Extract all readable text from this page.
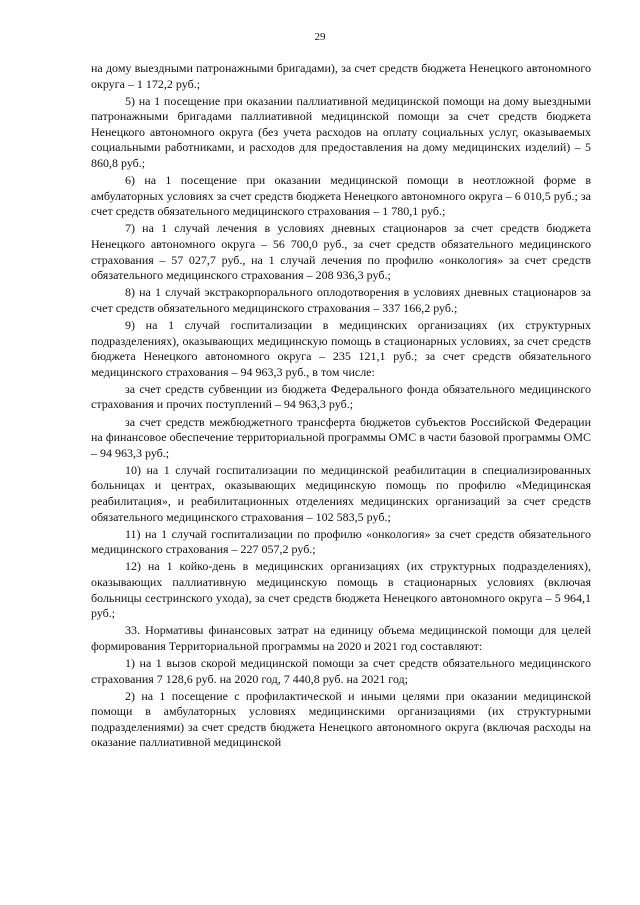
29

на дому выездными патронажными бригадами), за счет средств бюджета Ненецкого автономного округа – 1 172,2 руб.;

5) на 1 посещение при оказании паллиативной медицинской помощи на дому выездными патронажными бригадами паллиативной медицинской помощи за счет средств бюджета Ненецкого автономного округа (без учета расходов на оплату социальных услуг, оказываемых социальными работниками, и расходов для предоставления на дому медицинских изделий) – 5 860,8 руб.;

6) на 1 посещение при оказании медицинской помощи в неотложной форме в амбулаторных условиях за счет средств бюджета Ненецкого автономного округа – 6 010,5 руб.; за счет средств обязательного медицинского страхования – 1 780,1 руб.;

7) на 1 случай лечения в условиях дневных стационаров за счет средств бюджета Ненецкого автономного округа – 56 700,0 руб., за счет средств обязательного медицинского страхования – 57 027,7 руб., на 1 случай лечения по профилю «онкология» за счет средств обязательного медицинского страхования – 208 936,3 руб.;

8) на 1 случай экстракорпорального оплодотворения в условиях дневных стационаров за счет средств обязательного медицинского страхования – 337 166,2 руб.;

9) на 1 случай госпитализации в медицинских организациях (их структурных подразделениях), оказывающих медицинскую помощь в стационарных условиях, за счет средств бюджета Ненецкого автономного округа – 235 121,1 руб.; за счет средств обязательного медицинского страхования – 94 963,3 руб., в том числе:

за счет средств субвенции из бюджета Федерального фонда обязательного медицинского страхования и прочих поступлений – 94 963,3 руб.;

за счет средств межбюджетного трансферта бюджетов субъектов Российской Федерации на финансовое обеспечение территориальной программы ОМС в части базовой программы ОМС – 94 963,3 руб.;

10) на 1 случай госпитализации по медицинской реабилитации в специализированных больницах и центрах, оказывающих медицинскую помощь по профилю «Медицинская реабилитация», и реабилитационных отделениях медицинских организаций за счет средств обязательного медицинского страхования – 102 583,5 руб.;

11) на 1 случай госпитализации по профилю «онкология» за счет средств обязательного медицинского страхования – 227 057,2 руб.;

12) на 1 койко-день в медицинских организациях (их структурных подразделениях), оказывающих паллиативную медицинскую помощь в стационарных условиях (включая больницы сестринского ухода), за счет средств бюджета Ненецкого автономного округа – 5 964,1 руб.;

33. Нормативы финансовых затрат на единицу объема медицинской помощи для целей формирования Территориальной программы на 2020 и 2021 год составляют:

1) на 1 вызов скорой медицинской помощи за счет средств обязательного медицинского страхования 7 128,6 руб. на 2020 год, 7 440,8 руб. на 2021 год;

2) на 1 посещение с профилактической и иными целями при оказании медицинской помощи в амбулаторных условиях медицинскими организациями (их структурными подразделениями) за счет средств бюджета Ненецкого автономного округа (включая расходы на оказание паллиативной медицинской
